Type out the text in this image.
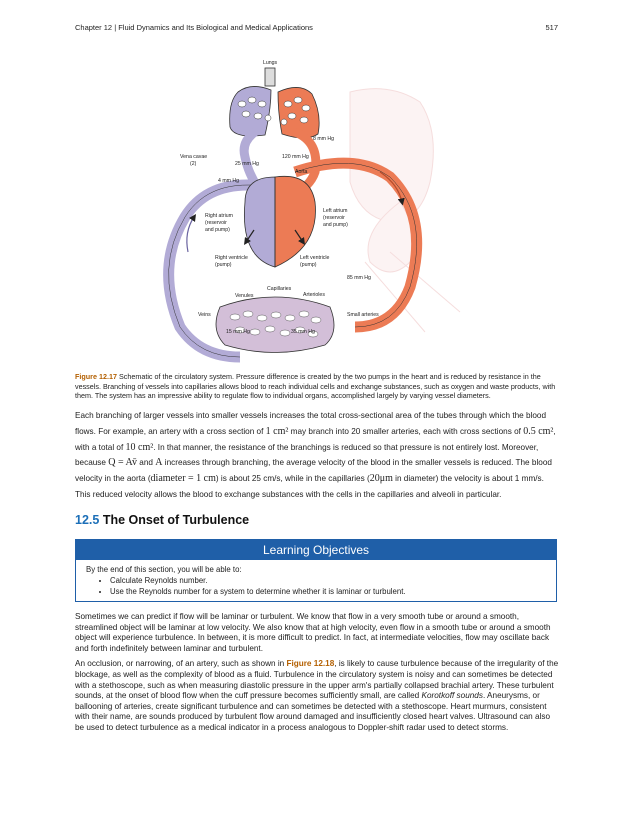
Chapter 12 | Fluid Dynamics and Its Biological and Medical Applications	517
Lungs
Vena cavae
(2)	25 mm Hg
4 mm Hg
120 mm Hg
Aorta
8 mm Hg
Right atrium
(reservoir
and pump)
Left atrium
(reservoir
and pump)
Right ventricle
(pump)
Left ventricle
(pump)
85 mm Hg
Capillaries
Venules	Arterioles
Veins	Small arteries
15 mm Hg	35 mm Hg
Figure 12.17 Schematic of the circulatory system. Pressure difference is created by the two pumps in the heart and is reduced by resistance in the vessels. Branching of vessels into capillaries allows blood to reach individual cells and exchange substances, such as oxygen and waste products, with them. The system has an impressive ability to regulate flow to individual organs, accomplished largely by varying vessel diameters.
Each branching of larger vessels into smaller vessels increases the total cross-sectional area of the tubes through which the blood flows. For example, an artery with a cross section of 1 cm² may branch into 20 smaller arteries, each with cross sections of 0.5 cm², with a total of 10 cm². In that manner, the resistance of the branchings is reduced so that pressure is not entirely lost. Moreover, because Q = Av̄ and A increases through branching, the average velocity of the blood in the smaller vessels is reduced. The blood velocity in the aorta (diameter = 1 cm) is about 25 cm/s, while in the capillaries (20μm in diameter) the velocity is about 1 mm/s. This reduced velocity allows the blood to exchange substances with the cells in the capillaries and alveoli in particular.
12.5 The Onset of Turbulence
Learning Objectives
By the end of this section, you will be able to:
• Calculate Reynolds number.
• Use the Reynolds number for a system to determine whether it is laminar or turbulent.

Sometimes we can predict if flow will be laminar or turbulent. We know that flow in a very smooth tube or around a smooth, streamlined object will be laminar at low velocity. We also know that at high velocity, even flow in a smooth tube or around a smooth object will experience turbulence. In between, it is more difficult to predict. In fact, at intermediate velocities, flow may oscillate back and forth indefinitely between laminar and turbulent.

An occlusion, or narrowing, of an artery, such as shown in Figure 12.18, is likely to cause turbulence because of the irregularity of the blockage, as well as the complexity of blood as a fluid. Turbulence in the circulatory system is noisy and can sometimes be detected with a stethoscope, such as when measuring diastolic pressure in the upper arm's partially collapsed brachial artery. These turbulent sounds, at the onset of blood flow when the cuff pressure becomes sufficiently small, are called Korotkoff sounds. Aneurysms, or ballooning of arteries, create significant turbulence and can sometimes be detected with a stethoscope. Heart murmurs, consistent with their name, are sounds produced by turbulent flow around damaged and insufficiently closed heart valves. Ultrasound can also be used to detect turbulence as a medical indicator in a process analogous to Doppler-shift radar used to detect storms.
